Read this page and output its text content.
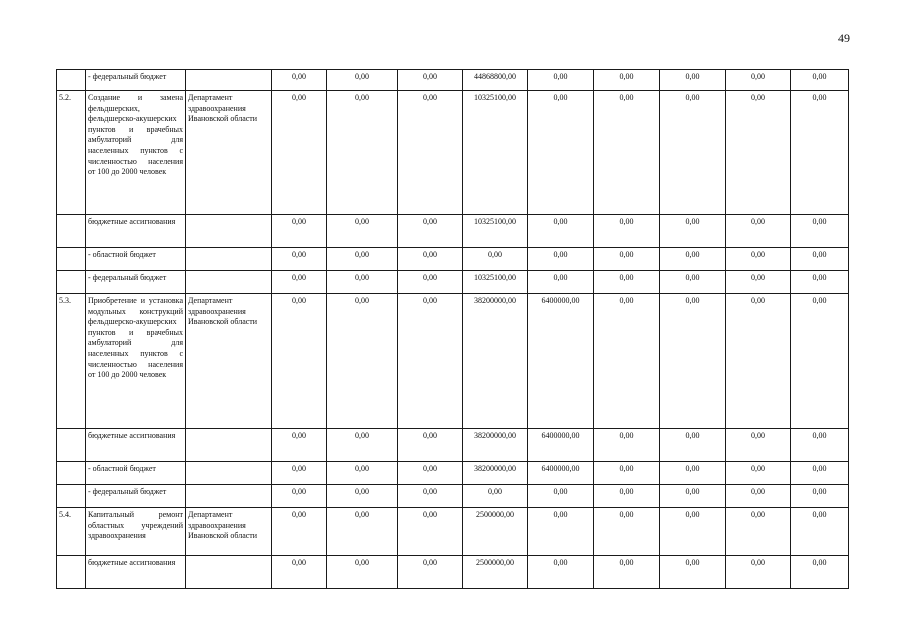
49
	- федеральный бюджет		0,00	0,00	0,00	44868800,00	0,00	0,00	0,00	0,00	0,00
5.2.	Создание и замена фельдшерских, фельдшерско-акушерских пунктов и врачебных амбулаторий для населенных пунктов с численностью населения от 100 до 2000 человек	Департамент здравоохранения Ивановской области	0,00	0,00	0,00	10325100,00	0,00	0,00	0,00	0,00	0,00
	бюджетные ассигнования		0,00	0,00	0,00	10325100,00	0,00	0,00	0,00	0,00	0,00
	- областной бюджет		0,00	0,00	0,00	0,00	0,00	0,00	0,00	0,00	0,00
	- федеральный бюджет		0,00	0,00	0,00	10325100,00	0,00	0,00	0,00	0,00	0,00
5.3.	Приобретение и установка модульных конструкций фельдшерско-акушерских пунктов и врачебных амбулаторий для населенных пунктов с численностью населения от 100 до 2000 человек	Департамент здравоохранения Ивановской области	0,00	0,00	0,00	38200000,00	6400000,00	0,00	0,00	0,00	0,00
	бюджетные ассигнования		0,00	0,00	0,00	38200000,00	6400000,00	0,00	0,00	0,00	0,00
	- областной бюджет		0,00	0,00	0,00	38200000,00	6400000,00	0,00	0,00	0,00	0,00
	- федеральный бюджет		0,00	0,00	0,00	0,00	0,00	0,00	0,00	0,00	0,00
5.4.	Капитальный ремонт областных учреждений здравоохранения	Департамент здравоохранения Ивановской области	0,00	0,00	0,00	2500000,00	0,00	0,00	0,00	0,00	0,00
	бюджетные ассигнования		0,00	0,00	0,00	2500000,00	0,00	0,00	0,00	0,00	0,00
